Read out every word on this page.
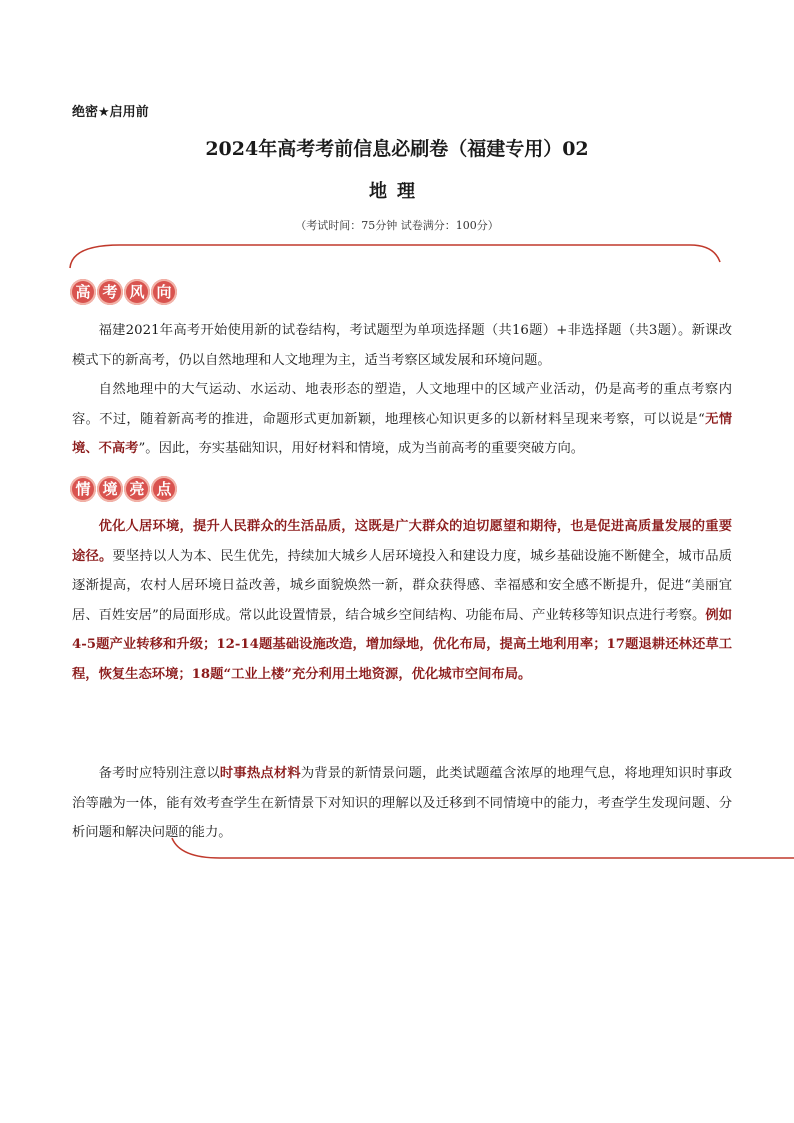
绝密★启用前
2024年高考考前信息必刷卷（福建专用）02
地理
（考试时间：75分钟 试卷满分：100分）
高 考 风 向

福建2021年高考开始使用新的试卷结构，考试题型为单项选择题（共16题）+非选择题（共3题）。新课改模式下的新高考，仍以自然地理和人文地理为主，适当考察区域发展和环境问题。

自然地理中的大气运动、水运动、地表形态的塑造，人文地理中的区域产业活动，仍是高考的重点考察内容。不过，随着新高考的推进，命题形式更加新颖，地理核心知识更多的以新材料呈现来考察，可以说是“无情境、不高考”。因此，夯实基础知识，用好材料和情境，成为当前高考的重要突破方向。

情 境 亮 点

优化人居环境，提升人民群众的生活品质，这既是广大群众的迫切愿望和期待，也是促进高质量发展的重要途径。要坚持以人为本、民生优先，持续加大城乡人居环境投入和建设力度，城乡基础设施不断健全，城市品质逐渐提高，农村人居环境日益改善，城乡面貌焕然一新，群众获得感、幸福感和安全感不断提升，促进“美丽宜居、百姓安居”的局面形成。常以此设置情景，结合城乡空间结构、功能布局、产业转移等知识点进行考察。例如4-5题产业转移和升级；12-14题基础设施改造，增加绿地，优化布局，提高土地利用率；17题退耕还林还草工程，恢复生态环境；18题“工业上楼”充分利用土地资源，优化城市空间布局。

备考时应特别注意以时事热点材料为背景的新情景问题，此类试题蕴含浓厚的地理气息，将地理知识时事政治等融为一体，能有效考查学生在新情景下对知识的理解以及迁移到不同情境中的能力，考查学生发现问题、分析问题和解决问题的能力。
